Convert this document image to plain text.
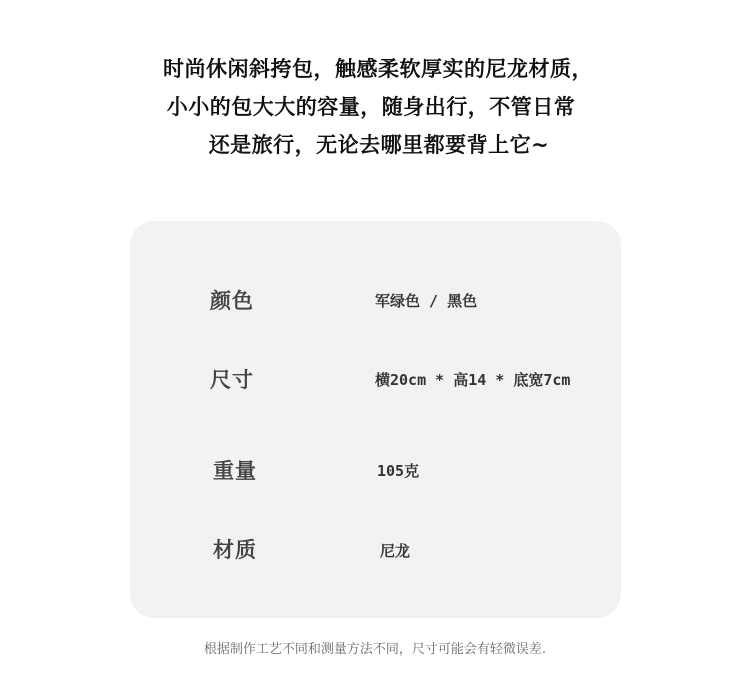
时尚休闲斜挎包，触感柔软厚实的尼龙材质，
小小的包大大的容量，随身出行，不管日常
还是旅行，无论去哪里都要背上它~
颜色	军绿色 / 黑色
尺寸	横20cm * 高14 * 底宽7cm
重量	105克
材质	尼龙
根据制作工艺不同和测量方法不同，尺寸可能会有轻微误差.
